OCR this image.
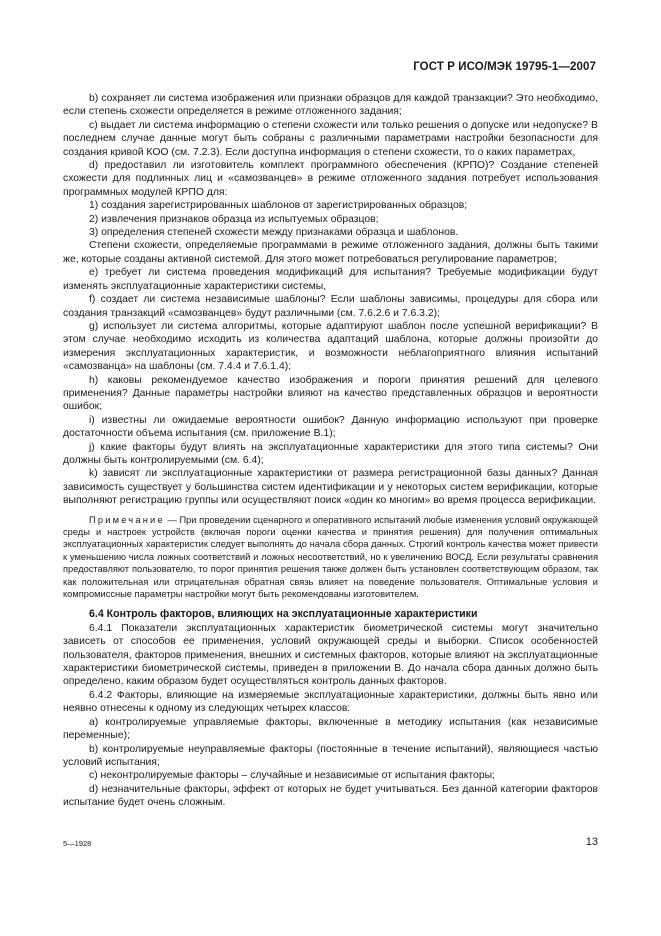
ГОСТ Р ИСО/МЭК 19795-1—2007

b) сохраняет ли система изображения или признаки образцов для каждой транзакции? Это необходимо, если степень схожести определяется в режиме отложенного задания;

c) выдает ли система информацию о степени схожести или только решения о допуске или недопуске? В последнем случае данные могут быть собраны с различными параметрами настройки безопасности для создания кривой КОО (см. 7.2.3). Если доступна информация о степени схожести, то о каких параметрах,

d) предоставил ли изготовитель комплект программного обеспечения (КРПО)? Создание степеней схожести для подлинных лиц и «самозванцев» в режиме отложенного задания потребует использования программных модулей КРПО для:

1) создания зарегистрированных шаблонов от зарегистрированных образцов;

2) извлечения признаков образца из испытуемых образцов;

3) определения степеней схожести между признаками образца и шаблонов.

Степени схожести, определяемые программами в режиме отложенного задания, должны быть такими же, которые созданы активной системой. Для этого может потребоваться регулирование параметров;

e) требует ли система проведения модификаций для испытания? Требуемые модификации будут изменять эксплуатационные характеристики системы,

f) создает ли система независимые шаблоны? Если шаблоны зависимы, процедуры для сбора или создания транзакций «самозванцев» будут различными (см. 7.6.2.6 и 7.6.3.2);

g) использует ли система алгоритмы, которые адаптируют шаблон после успешной верификации? В этом случае необходимо исходить из количества адаптаций шаблона, которые должны произойти до измерения эксплуатационных характеристик, и возможности неблагоприятного влияния испытаний «самозванца» на шаблоны (см. 7.4.4 и 7.6.1.4);

h) каковы рекомендуемое качество изображения и пороги принятия решений для целевого применения? Данные параметры настройки влияют на качество представленных образцов и вероятности ошибок;

i) известны ли ожидаемые вероятности ошибок? Данную информацию используют при проверке достаточности объема испытания (см. приложение В.1);

j) какие факторы будут влиять на эксплуатационные характеристики для этого типа системы? Они должны быть контролируемыми (см. 6.4);

k) зависят ли эксплуатационные характеристики от размера регистрационной базы данных? Данная зависимость существует у большинства систем идентификации и у некоторых систем верификации, которые выполняют регистрацию группы или осуществляют поиск «один ко многим» во время процесса верификации.

Примечание — При проведении сценарного и оперативного испытаний любые изменения условий окружающей среды и настроек устройств (включая пороги оценки качества и принятия решения) для получения оптимальных эксплуатационных характеристик следует выполнять до начала сбора данных. Строгий контроль качества может привести к уменьшению числа ложных соответствий и ложных несоответствий, но к увеличению ВОСД. Если результаты сравнения предоставляют пользователю, то порог принятия решения также должен быть установлен соответствующим образом, так как положительная или отрицательная обратная связь влияет на поведение пользователя. Оптимальные условия и компромиссные параметры настройки могут быть рекомендованы изготовителем.

6.4 Контроль факторов, влияющих на эксплуатационные характеристики

6.4.1 Показатели эксплуатационных характеристик биометрической системы могут значительно зависеть от способов ее применения, условий окружающей среды и выборки. Список особенностей пользователя, факторов применения, внешних и системных факторов, которые влияют на эксплуатационные характеристики биометрической системы, приведен в приложении В. До начала сбора данных должно быть определено, каким образом будет осуществляться контроль данных факторов.

6.4.2 Факторы, влияющие на измеряемые эксплуатационные характеристики, должны быть явно или неявно отнесены к одному из следующих четырех классов:

a) контролируемые управляемые факторы, включенные в методику испытания (как независимые переменные);

b) контролируемые неуправляемые факторы (постоянные в течение испытаний), являющиеся частью условий испытания;

c) неконтролируемые факторы – случайные и независимые от испытания факторы;

d) незначительные факторы, эффект от которых не будет учитываться. Без данной категории факторов испытание будет очень сложным.

5—1928	13
